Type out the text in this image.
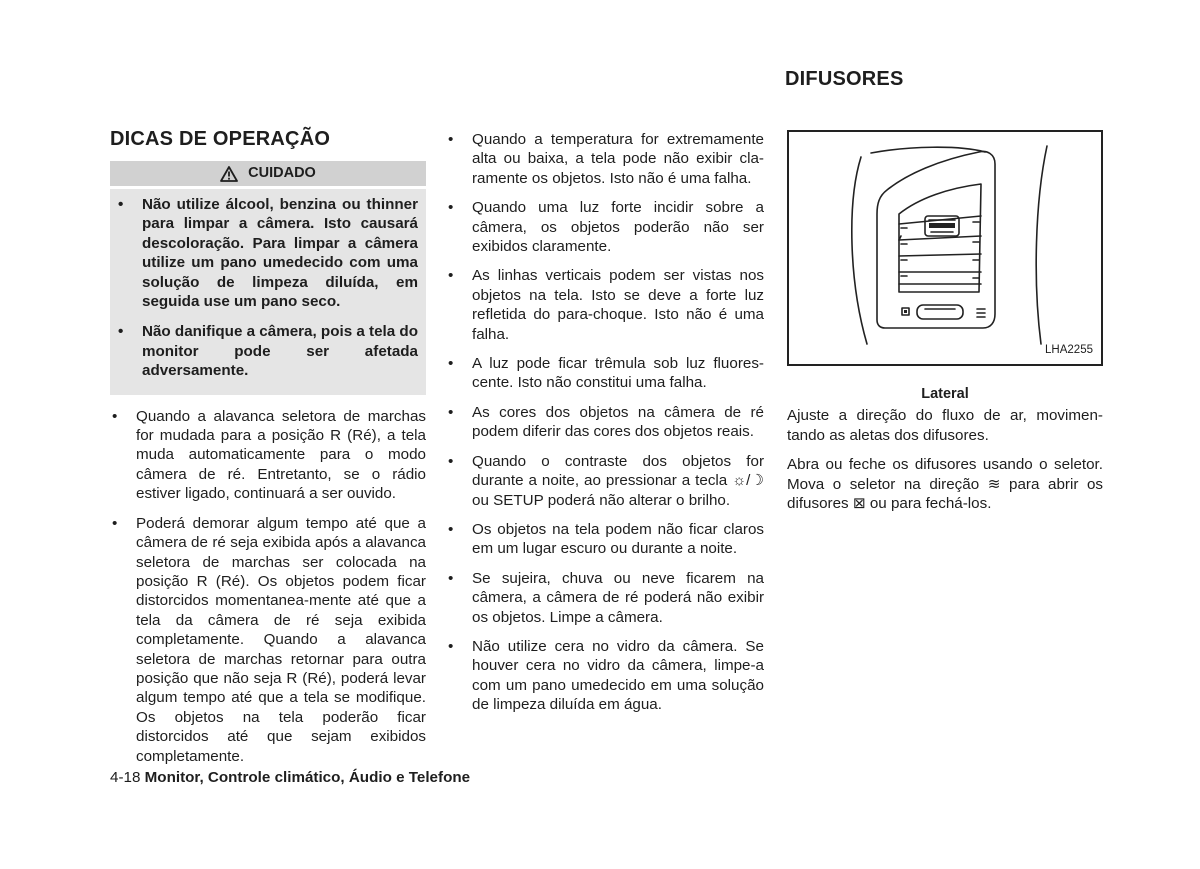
DICAS DE OPERAÇÃO
DIFUSORES
CUIDADO
• Não utilize álcool, benzina ou thinner para limpar a câmera. Isto causará descoloração. Para limpar a câmera utilize um pano umedecido com uma solução de limpeza diluída, em seguida use um pano seco.
• Não danifique a câmera, pois a tela do monitor pode ser afetada adversamente.
• Quando a alavanca seletora de marchas for mudada para a posição R (Ré), a tela muda automaticamente para o modo câmera de ré. Entretanto, se o rádio estiver ligado, continuará a ser ouvido.
• Poderá demorar algum tempo até que a câmera de ré seja exibida após a alavanca seletora de marchas ser colocada na posição R (Ré). Os objetos podem ficar distorcidos momentanea-mente até que a tela da câmera de ré seja exibida completamente. Quando a alavanca seletora de marchas retornar para outra posição que não seja R (Ré), poderá levar algum tempo até que a tela se modifique. Os objetos na tela poderão ficar distorcidos até que sejam exibidos completamente.
• Quando a temperatura for extremamente alta ou baixa, a tela pode não exibir cla-ramente os objetos. Isto não é uma falha.
• Quando uma luz forte incidir sobre a câmera, os objetos poderão não ser exibidos claramente.
• As linhas verticais podem ser vistas nos objetos na tela. Isto se deve a forte luz refletida do para-choque. Isto não é uma falha.
• A luz pode ficar trêmula sob luz fluores-cente. Isto não constitui uma falha.
• As cores dos objetos na câmera de ré podem diferir das cores dos objetos reais.
• Quando o contraste dos objetos for durante a noite, ao pressionar a tecla ☼/☽ ou SETUP poderá não alterar o brilho.
• Os objetos na tela podem não ficar claros em um lugar escuro ou durante a noite.
• Se sujeira, chuva ou neve ficarem na câmera, a câmera de ré poderá não exibir os objetos. Limpe a câmera.
• Não utilize cera no vidro da câmera. Se houver cera no vidro da câmera, limpe-a com um pano umedecido em uma solução de limpeza diluída em água.
LHA2255
Lateral

Ajuste a direção do fluxo de ar, movimen-tando as aletas dos difusores.

Abra ou feche os difusores usando o seletor. Mova o seletor na direção ≋ para abrir os difusores ⊠ ou para fechá-los.

4-18 Monitor, Controle climático, Áudio e Telefone
